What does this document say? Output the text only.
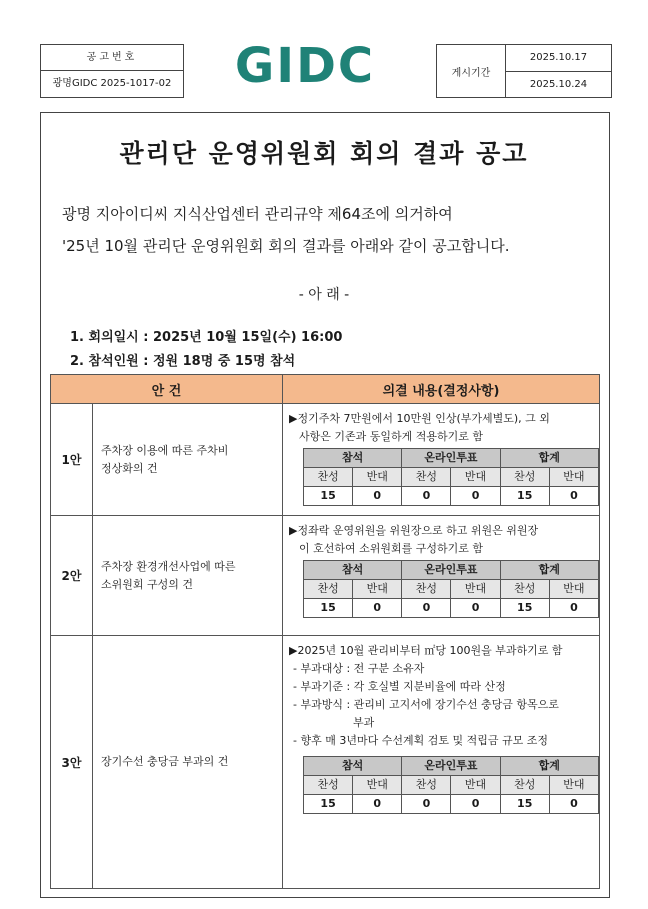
공고번호
광명GIDC 2025-1017-02 GIDC	게시기간
2025.10.17
2025.10.24
관리단 운영위원회 회의 결과 공고
광명 지아이디씨 지식산업센터 관리규약 제64조에 의거하여
'25년 10월 관리단 운영위원회 회의 결과를 아래와 같이 공고합니다.
- 아 래 -
1. 회의일시 : 2025년 10월 15일(수) 16:00
2. 참석인원 : 정원 18명 중 15명 참석
안 건	의결 내용(결정사항)
1안	
주차장 이용에 따른 주차비
정상화의 건

▶정기주차 7만원에서 10만원 인상(부가세별도), 그 외
사항은 기존과 동일하게 적용하기로 함
참석	온라인투표	합계
찬성	반대	찬성	반대	찬성	반대
15	0	0	0	15	0

2안	
주차장 환경개선사업에 따른
소위원회 구성의 건

▶정좌락 운영위원을 위원장으로 하고 위원은 위원장
이 호선하여 소위원회를 구성하기로 함
참석	온라인투표	합계
찬성	반대	찬성	반대	찬성	반대
15	0	0	0	15	0

3안	장기수선 충당금 부과의 건

▶2025년 10월 관리비부터 ㎡당 100원을 부과하기로 함
- 부과대상 : 전 구분 소유자
- 부과기준 : 각 호실별 지분비율에 따라 산정
- 부과방식 : 관리비 고지서에 장기수선 충당금 항목으로
부과
- 향후 매 3년마다 수선계획 검토 및 적립금 규모 조정
참석	온라인투표	합계
찬성	반대	찬성	반대	찬성	반대
15	0	0	0	15	0
